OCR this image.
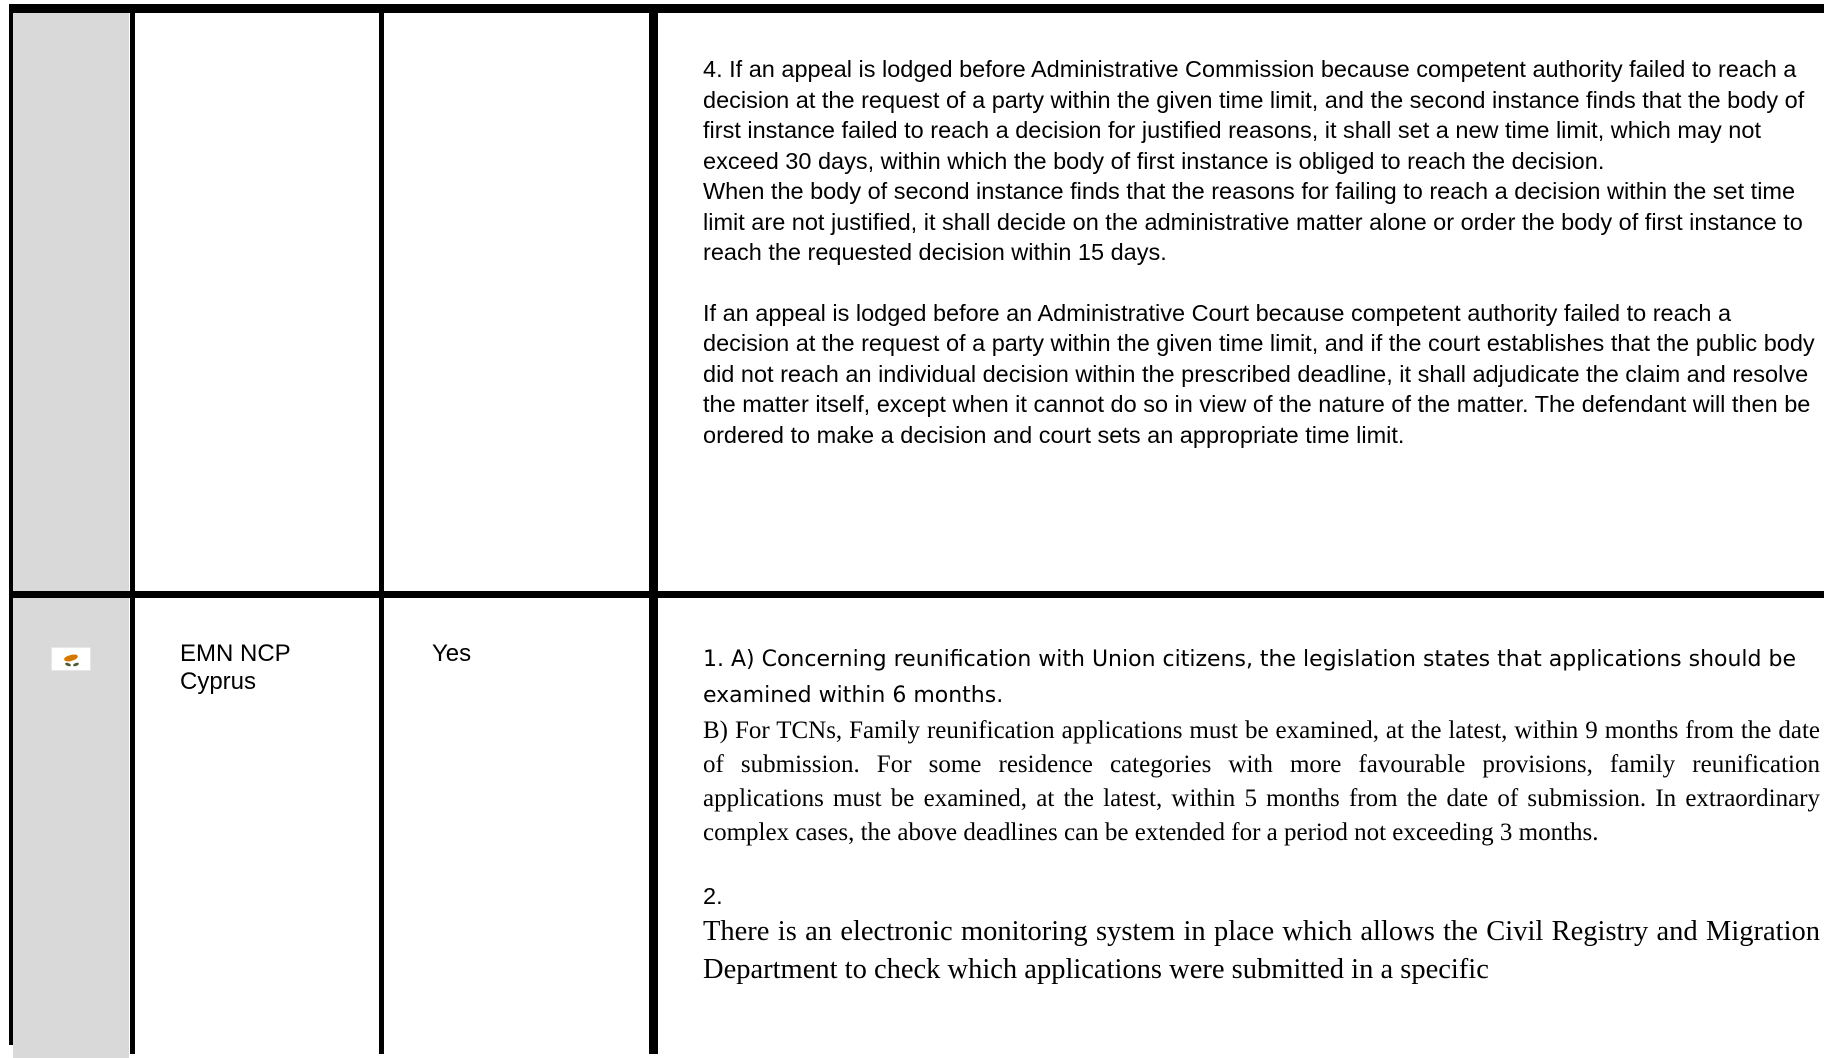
4. If an appeal is lodged before Administrative Commission because competent authority failed to reach a decision at the request of a party within the given time limit, and the second instance finds that the body of first instance failed to reach a decision for justified reasons, it shall set a new time limit, which may not exceed 30 days, within which the body of first instance is obliged to reach the decision.

When the body of second instance finds that the reasons for failing to reach a decision within the set time limit are not justified, it shall decide on the administrative matter alone or order the body of first instance to reach the requested decision within 15 days.

If an appeal is lodged before an Administrative Court because competent authority failed to reach a decision at the request of a party within the given time limit, and if the court establishes that the public body did not reach an individual decision within the prescribed deadline, it shall adjudicate the claim and resolve the matter itself, except when it cannot do so in view of the nature of the matter. The defendant will then be ordered to make a decision and court sets an appropriate time limit.

EMN NCP
Cyprus
Yes	1. A) Concerning reunification with Union citizens, the legislation states that applications should be examined within 6 months.

B) For TCNs, Family reunification applications must be examined, at the latest, within 9 months from the date of submission. For some residence categories with more favourable provisions, family reunification applications must be examined, at the latest, within 5 months from the date of submission. In extraordinary complex cases, the above deadlines can be extended for a period not exceeding 3 months.

2.

There is an electronic monitoring system in place which allows the Civil Registry and Migration Department to check which applications were submitted in a specific
